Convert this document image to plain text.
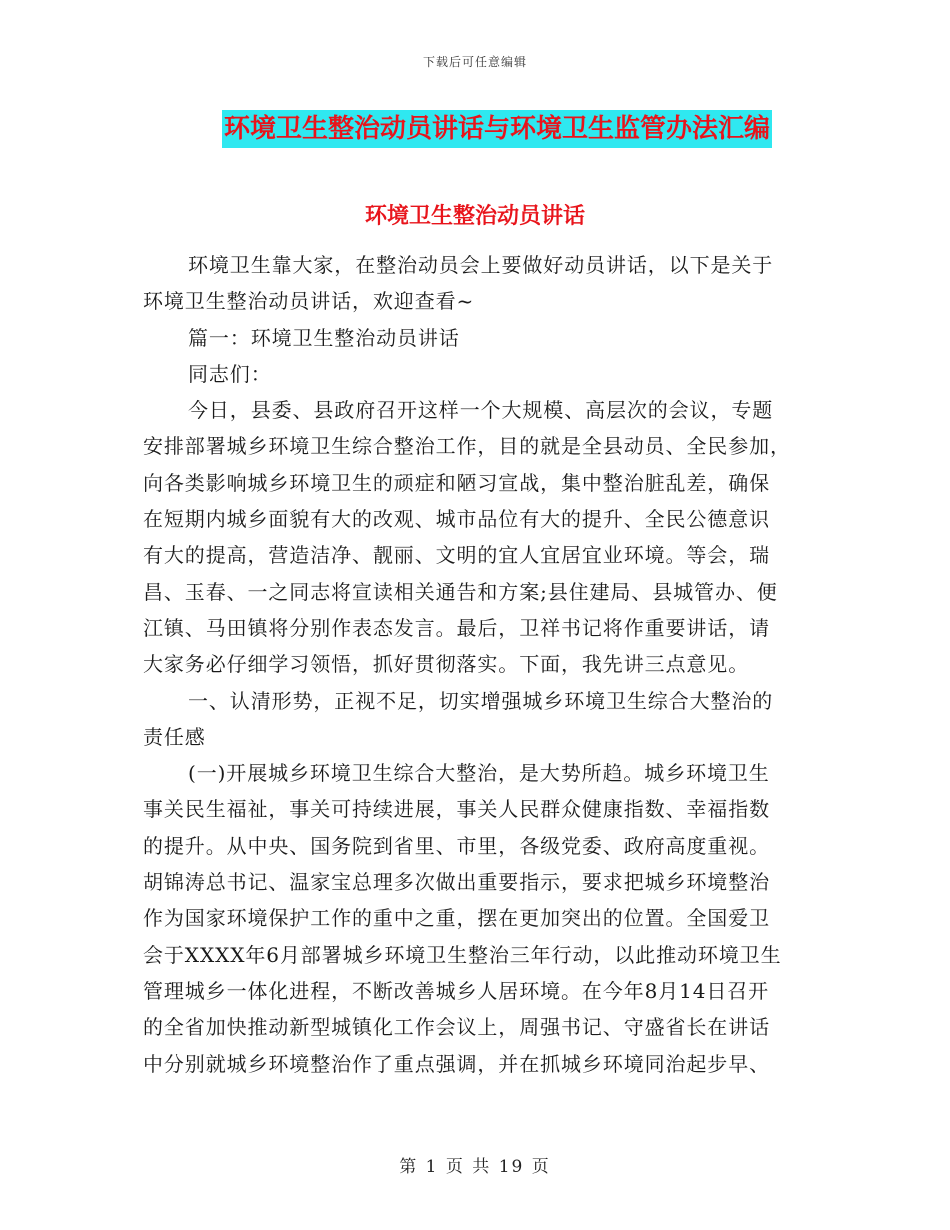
下载后可任意编辑
环境卫生整治动员讲话与环境卫生监管办法汇编
环境卫生整治动员讲话
环境卫生靠大家，在整治动员会上要做好动员讲话，以下是关于
环境卫生整治动员讲话，欢迎查看~
篇一：环境卫生整治动员讲话
同志们：
今日，县委、县政府召开这样一个大规模、高层次的会议，专题
安排部署城乡环境卫生综合整治工作，目的就是全县动员、全民参加，
向各类影响城乡环境卫生的顽症和陋习宣战，集中整治脏乱差，确保
在短期内城乡面貌有大的改观、城市品位有大的提升、全民公德意识
有大的提高，营造洁净、靓丽、文明的宜人宜居宜业环境。等会，瑞
昌、玉春、一之同志将宣读相关通告和方案;县住建局、县城管办、便
江镇、马田镇将分别作表态发言。最后，卫祥书记将作重要讲话，请
大家务必仔细学习领悟，抓好贯彻落实。下面，我先讲三点意见。
一、认清形势，正视不足，切实增强城乡环境卫生综合大整治的
责任感
(一)开展城乡环境卫生综合大整治，是大势所趋。城乡环境卫生
事关民生福祉，事关可持续进展，事关人民群众健康指数、幸福指数
的提升。从中央、国务院到省里、市里，各级党委、政府高度重视。
胡锦涛总书记、温家宝总理多次做出重要指示，要求把城乡环境整治
作为国家环境保护工作的重中之重，摆在更加突出的位置。全国爱卫
会于XXXX年6月部署城乡环境卫生整治三年行动，以此推动环境卫生
管理城乡一体化进程，不断改善城乡人居环境。在今年8月14日召开
的全省加快推动新型城镇化工作会议上，周强书记、守盛省长在讲话
中分别就城乡环境整治作了重点强调，并在抓城乡环境同治起步早、
第 1 页 共 19 页
